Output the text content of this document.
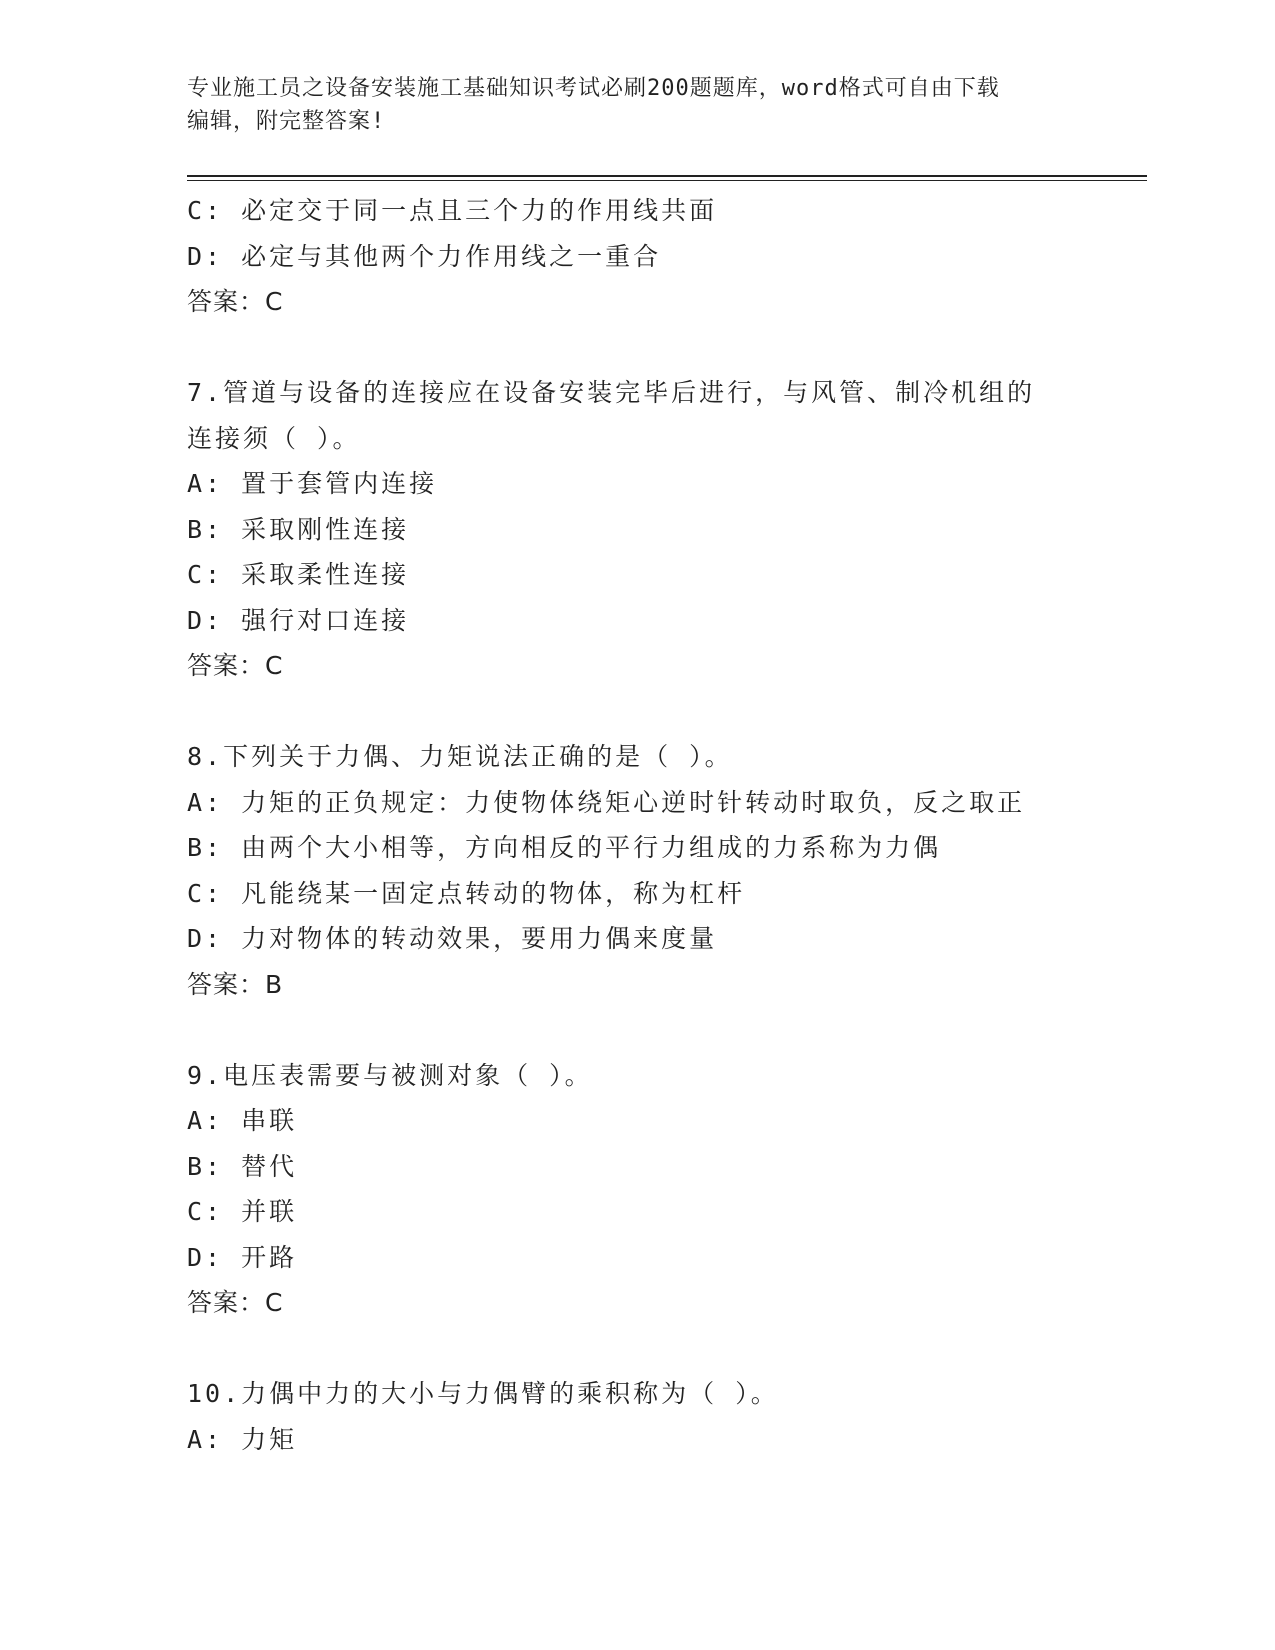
专业施工员之设备安装施工基础知识考试必刷200题题库，word格式可自由下载
编辑，附完整答案!
C: 必定交于同一点且三个力的作用线共面
D: 必定与其他两个力作用线之一重合
答案：C
7.管道与设备的连接应在设备安装完毕后进行，与风管、制冷机组的
连接须（ ）。
A: 置于套管内连接
B: 采取刚性连接
C: 采取柔性连接
D: 强行对口连接
答案：C
8.下列关于力偶、力矩说法正确的是（ ）。
A: 力矩的正负规定：力使物体绕矩心逆时针转动时取负，反之取正
B: 由两个大小相等，方向相反的平行力组成的力系称为力偶
C: 凡能绕某一固定点转动的物体，称为杠杆
D: 力对物体的转动效果，要用力偶来度量
答案：B
9.电压表需要与被测对象（ ）。
A: 串联
B: 替代
C: 并联
D: 开路
答案：C
10.力偶中力的大小与力偶臂的乘积称为（ ）。
A: 力矩
